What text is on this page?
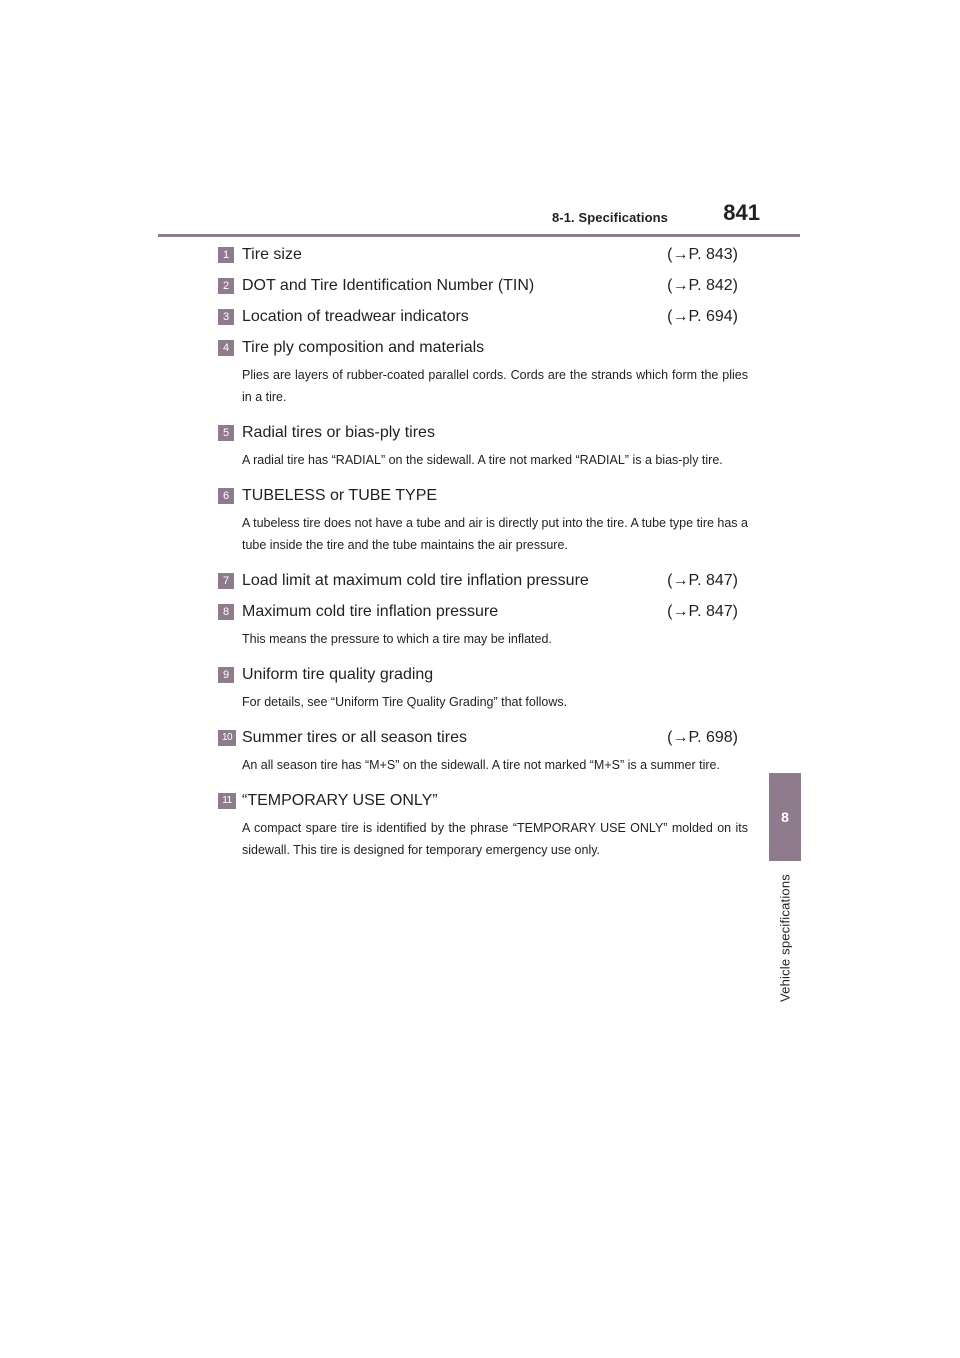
8-1. Specifications	841
8
Vehicle specifications
1 Tire size	(→P. 843)
2 DOT and Tire Identification Number (TIN)	(→P. 842)
3 Location of treadwear indicators	(→P. 694)
4 Tire ply composition and materials
Plies are layers of rubber-coated parallel cords. Cords are the strands which form the plies in a tire.
5 Radial tires or bias-ply tires
A radial tire has “RADIAL” on the sidewall. A tire not marked “RADIAL” is a bias-ply tire.
6 TUBELESS or TUBE TYPE
A tubeless tire does not have a tube and air is directly put into the tire. A tube type tire has a tube inside the tire and the tube maintains the air pressure.
7 Load limit at maximum cold tire inflation pressure	(→P. 847)
8 Maximum cold tire inflation pressure	(→P. 847)
This means the pressure to which a tire may be inflated.
9 Uniform tire quality grading
For details, see “Uniform Tire Quality Grading” that follows.
10 Summer tires or all season tires	(→P. 698)
An all season tire has “M+S” on the sidewall. A tire not marked “M+S” is a summer tire.
11 “TEMPORARY USE ONLY”
A compact spare tire is identified by the phrase “TEMPORARY USE ONLY” molded on its sidewall. This tire is designed for temporary emergency use only.
